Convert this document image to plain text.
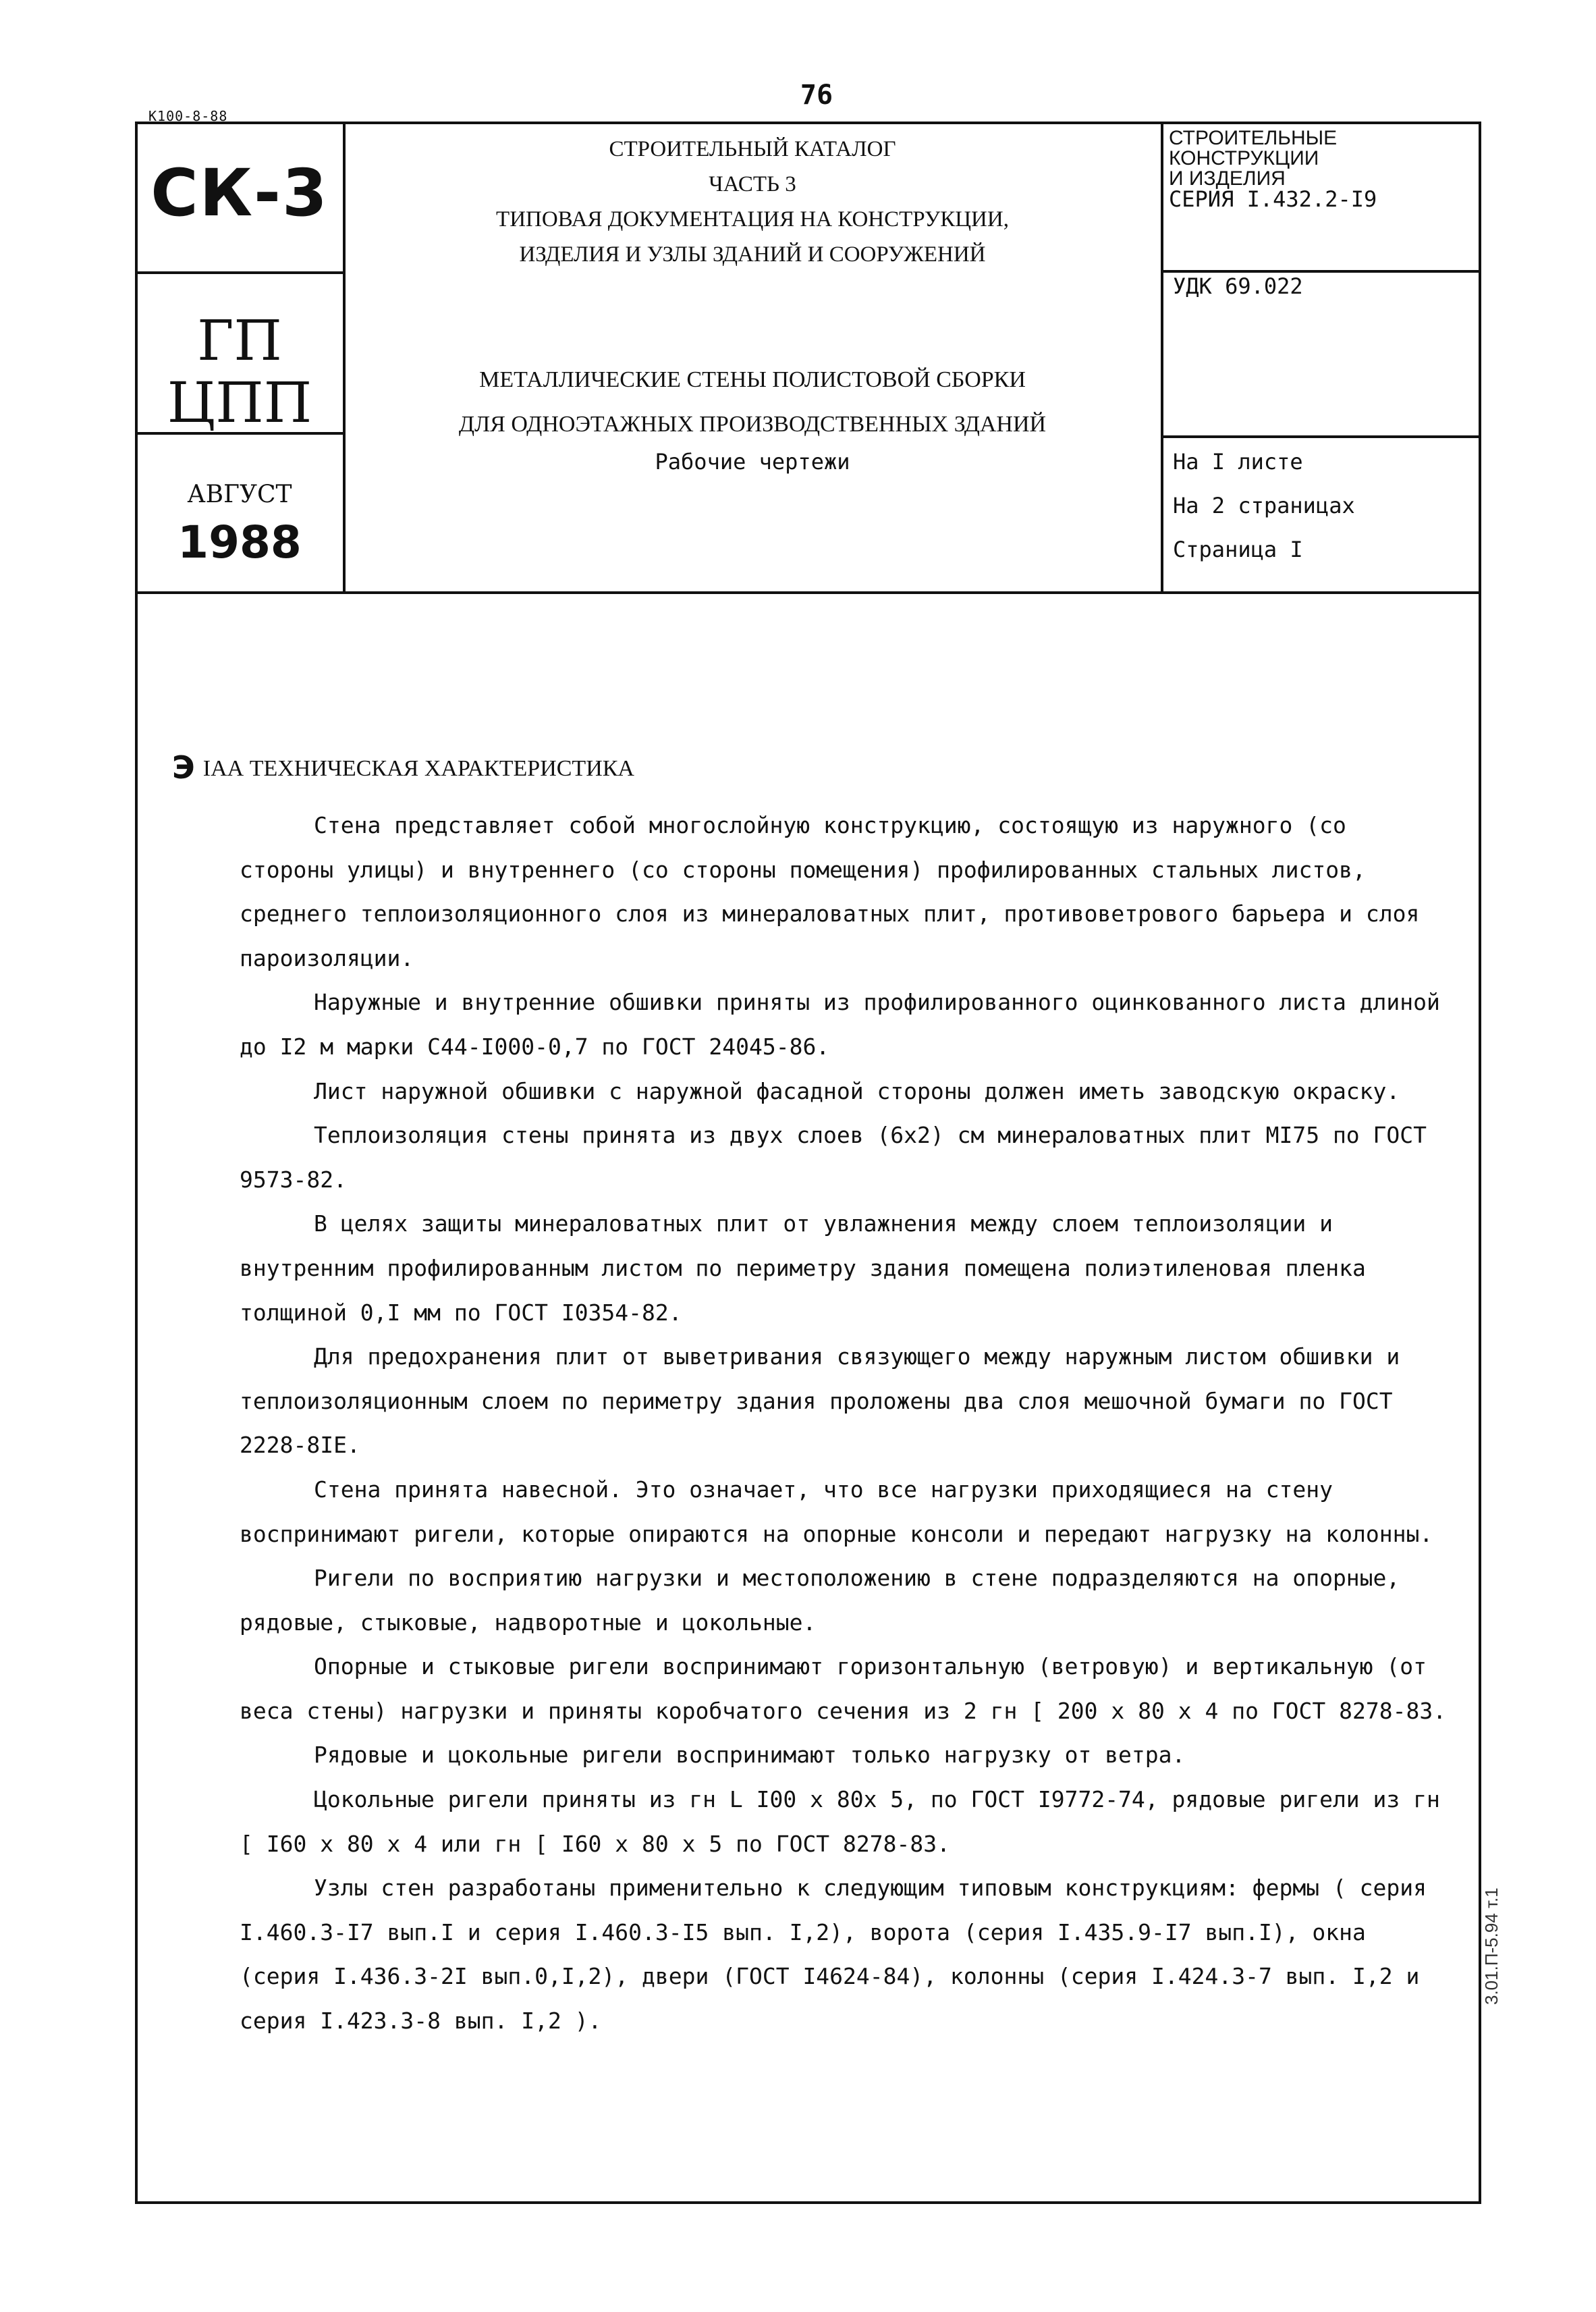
76
K100-8-88
СК-3
ГП
ЦПП
АВГУСТ
1988
СТРОИТЕЛЬНЫЙ КАТАЛОГ
ЧАСТЬ 3
ТИПОВАЯ ДОКУМЕНТАЦИЯ НА КОНСТРУКЦИИ,
ИЗДЕЛИЯ И УЗЛЫ ЗДАНИЙ И СООРУЖЕНИЙ
СТРОИТЕЛЬНЫЕ
КОНСТРУКЦИИ
И ИЗДЕЛИЯ
СЕРИЯ I.432.2-I9
УДК 69.022
МЕТАЛЛИЧЕСКИЕ СТЕНЫ ПОЛИСТОВОЙ СБОРКИ
ДЛЯ ОДНОЭТАЖНЫХ ПРОИЗВОДСТВЕННЫХ ЗДАНИЙ
Рабочие чертежи	На I листе
На 2 страницах
Страница I
Э IАА ТЕХНИЧЕСКАЯ ХАРАКТЕРИСТИКА

Стена представляет собой многослойную конструкцию, состоящую из наружного (со стороны улицы) и внутреннего (со стороны помещения) профилированных стальных листов, среднего теплоизоляционного слоя из минераловатных плит, противоветрового барьера и слоя пароизоляции.

Наружные и внутренние обшивки приняты из профилированного оцинкованного листа длиной до I2 м марки С44-I000-0,7 по ГОСТ 24045-86.

Лист наружной обшивки с наружной фасадной стороны должен иметь заводскую окраску.

Теплоизоляция стены принята из двух слоев (6х2) см минераловатных плит МI75 по ГОСТ 9573-82.

В целях защиты минераловатных плит от увлажнения между слоем теплоизоляции и внутренним профилированным листом по периметру здания помещена полиэтиленовая пленка толщиной 0,I мм по ГОСТ I0354-82.

Для предохранения плит от выветривания связующего между наружным листом обшивки и теплоизоляционным слоем по периметру здания проложены два слоя мешочной бумаги по ГОСТ 2228-8IE.

Стена принята навесной. Это означает, что все нагрузки приходящиеся на стену воспринимают ригели, которые опираются на опорные консоли и передают нагрузку на колонны.

Ригели по восприятию нагрузки и местоположению в стене подразделяются на опорные, рядовые, стыковые, надворотные и цокольные.

Опорные и стыковые ригели воспринимают горизонтальную (ветровую) и вертикальную (от веса стены) нагрузки и приняты коробчатого сечения из 2 гн [ 200 х 80 х 4 по ГОСТ 8278-83.

Рядовые и цокольные ригели воспринимают только нагрузку от ветра.

Цокольные ригели приняты из гн L I00 х 80х 5, по ГОСТ I9772-74, рядовые ригели из гн [ I60 х 80 х 4 или гн [ I60 х 80 х 5 по ГОСТ 8278-83.

Узлы стен разработаны применительно к следующим типовым конструкциям: фермы ( серия I.460.3-I7 вып.I и серия I.460.3-I5 вып. I,2), ворота (серия I.435.9-I7 вып.I), окна (серия I.436.3-2I вып.0,I,2), двери (ГОСТ I4624-84), колонны (серия I.424.3-7 вып. I,2 и серия I.423.3-8 вып. I,2 ).

3.01.П-5.94 т.1
